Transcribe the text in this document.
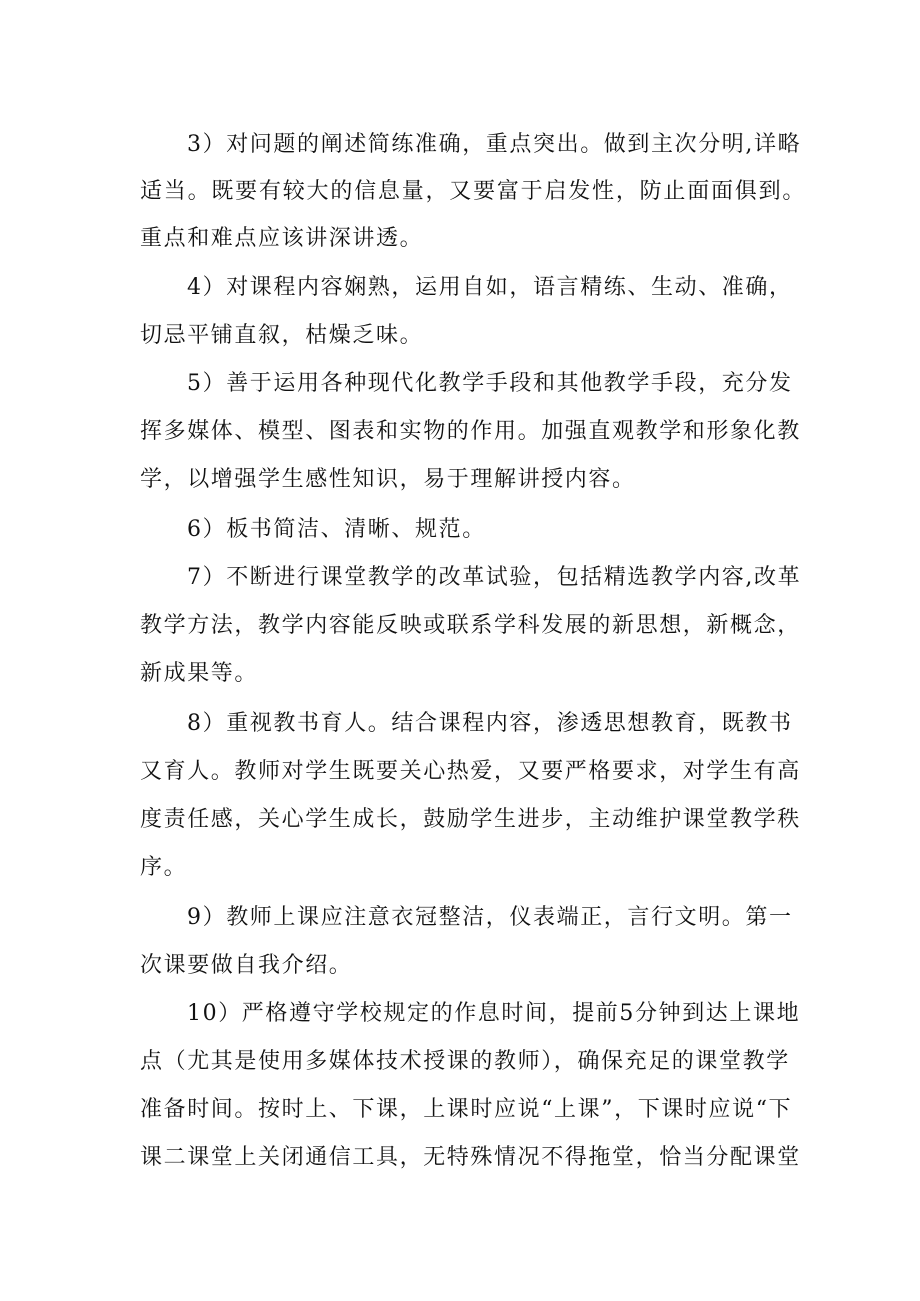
3）对问题的阐述简练准确，重点突出。做到主次分明,详略
适当。既要有较大的信息量，又要富于启发性，防止面面俱到。
重点和难点应该讲深讲透。
4）对课程内容娴熟，运用自如，语言精练、生动、准确，
切忌平铺直叙，枯燥乏味。
5）善于运用各种现代化教学手段和其他教学手段，充分发
挥多媒体、模型、图表和实物的作用。加强直观教学和形象化教
学，以增强学生感性知识，易于理解讲授内容。
6）板书简洁、清晰、规范。
7）不断进行课堂教学的改革试验，包括精选教学内容,改革
教学方法，教学内容能反映或联系学科发展的新思想，新概念，
新成果等。
8）重视教书育人。结合课程内容，渗透思想教育，既教书
又育人。教师对学生既要关心热爱，又要严格要求，对学生有高
度责任感，关心学生成长，鼓励学生进步，主动维护课堂教学秩
序。
9）教师上课应注意衣冠整洁，仪表端正，言行文明。第一
次课要做自我介绍。
10）严格遵守学校规定的作息时间，提前5分钟到达上课地
点（尤其是使用多媒体技术授课的教师），确保充足的课堂教学
准备时间。按时上、下课，上课时应说“上课”，下课时应说“下
课二课堂上关闭通信工具，无特殊情况不得拖堂，恰当分配课堂
